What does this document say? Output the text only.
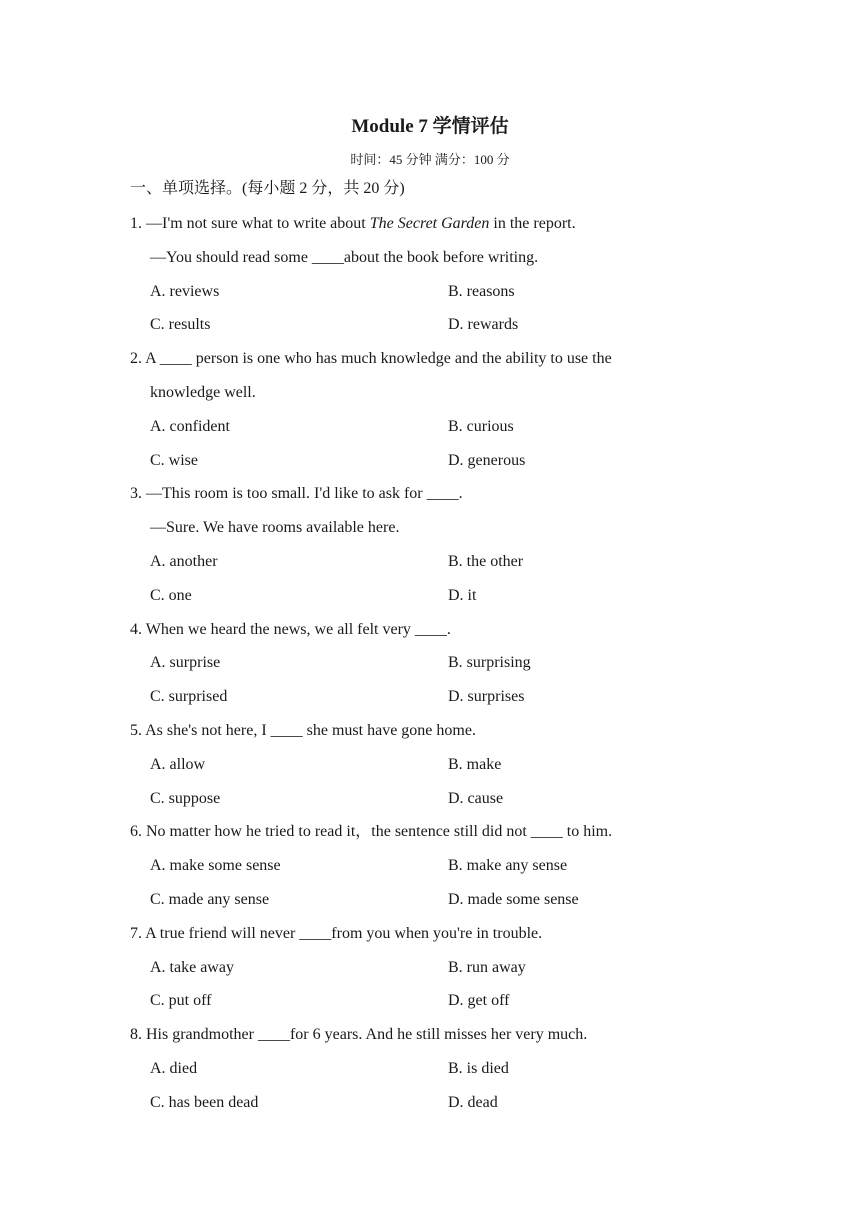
Module 7 学情评估
时间：45 分钟 满分：100 分
一、单项选择。(每小题 2 分，共 20 分)
1. —I'm not sure what to write about The Secret Garden in the report.
—You should read some ____about the book before writing.
A. reviews	B. reasons
C. results	D. rewards
2. A ____ person is one who has much knowledge and the ability to use the
knowledge well.
A. confident	B. curious
C. wise	D. generous
3. —This room is too small. I'd like to ask for ____.
—Sure. We have rooms available here.
A. another	B. the other
C. one	D. it
4. When we heard the news, we all felt very ____.
A. surprise	B. surprising
C. surprised	D. surprises
5. As she's not here, I ____ she must have gone home.
A. allow	B. make
C. suppose	D. cause
6. No matter how he tried to read it，the sentence still did not ____ to him.
A. make some sense	B. make any sense
C. made any sense	D. made some sense
7. A true friend will never ____from you when you're in trouble.
A. take away	B. run away
C. put off	D. get off
8. His grandmother ____for 6 years. And he still misses her very much.
A. died	B. is died
C. has been dead	D. dead
